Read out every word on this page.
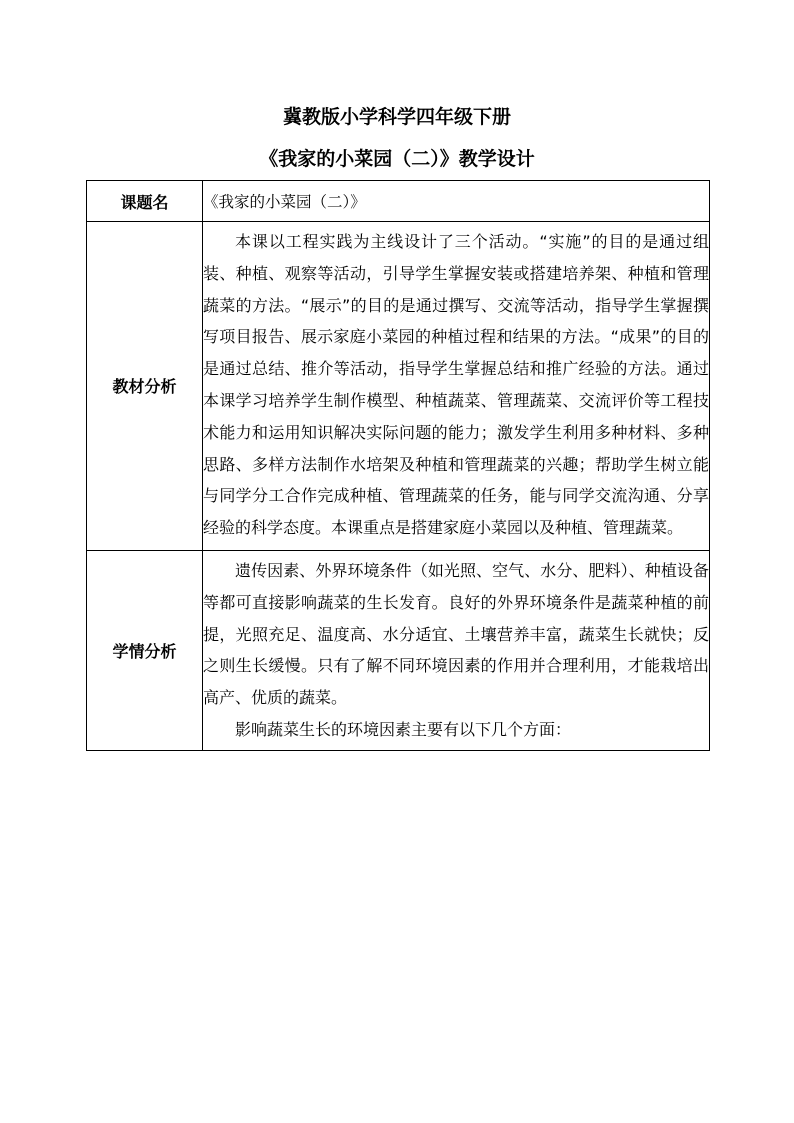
冀教版小学科学四年级下册
《我家的小菜园（二）》教学设计
课题名	《我家的小菜园（二）》
教材分析	本课以工程实践为主线设计了三个活动。“实施”的目的是通过组装、种植、观察等活动，引导学生掌握安装或搭建培养架、种植和管理蔬菜的方法。“展示”的目的是通过撰写、交流等活动，指导学生掌握撰写项目报告、展示家庭小菜园的种植过程和结果的方法。“成果”的目的是通过总结、推介等活动，指导学生掌握总结和推广经验的方法。通过本课学习培养学生制作模型、种植蔬菜、管理蔬菜、交流评价等工程技术能力和运用知识解决实际问题的能力；激发学生利用多种材料、多种思路、多样方法制作水培架及种植和管理蔬菜的兴趣；帮助学生树立能与同学分工合作完成种植、管理蔬菜的任务，能与同学交流沟通、分享经验的科学态度。本课重点是搭建家庭小菜园以及种植、管理蔬菜。

学情分析	遗传因素、外界环境条件（如光照、空气、水分、肥料）、种植设备等都可直接影响蔬菜的生长发育。良好的外界环境条件是蔬菜种植的前提，光照充足、温度高、水分适宜、土壤营养丰富，蔬菜生长就快；反之则生长缓慢。只有了解不同环境因素的作用并合理利用，才能栽培出高产、优质的蔬菜。

影响蔬菜生长的环境因素主要有以下几个方面：
